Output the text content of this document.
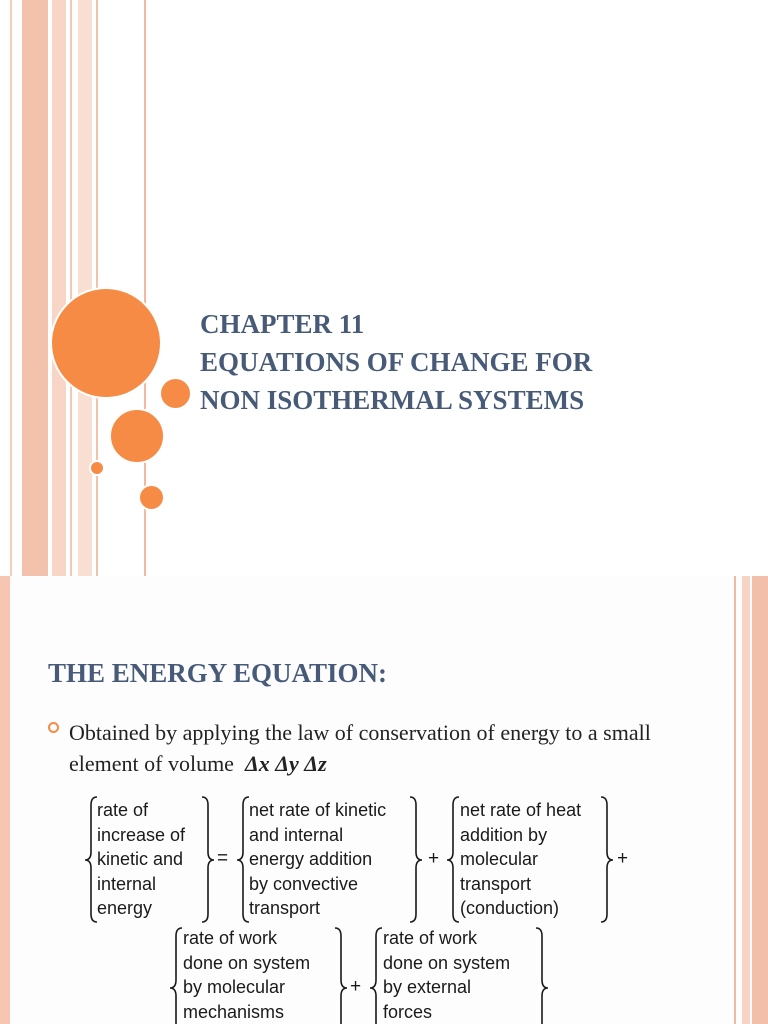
CHAPTER 11
EQUATIONS OF CHANGE FOR
NON ISOTHERMAL SYSTEMS
THE ENERGY EQUATION:
Obtained by applying the law of conservation of energy to a small element of volume Δx Δy Δz
rate of
increase of
kinetic and
internal
energy
=
net rate of kinetic
and internal
energy addition
by convective
transport
+
net rate of heat
addition by
molecular
transport
(conduction)
+
rate of work
done on system
by molecular
mechanisms
+
rate of work
done on system
by external
forces
